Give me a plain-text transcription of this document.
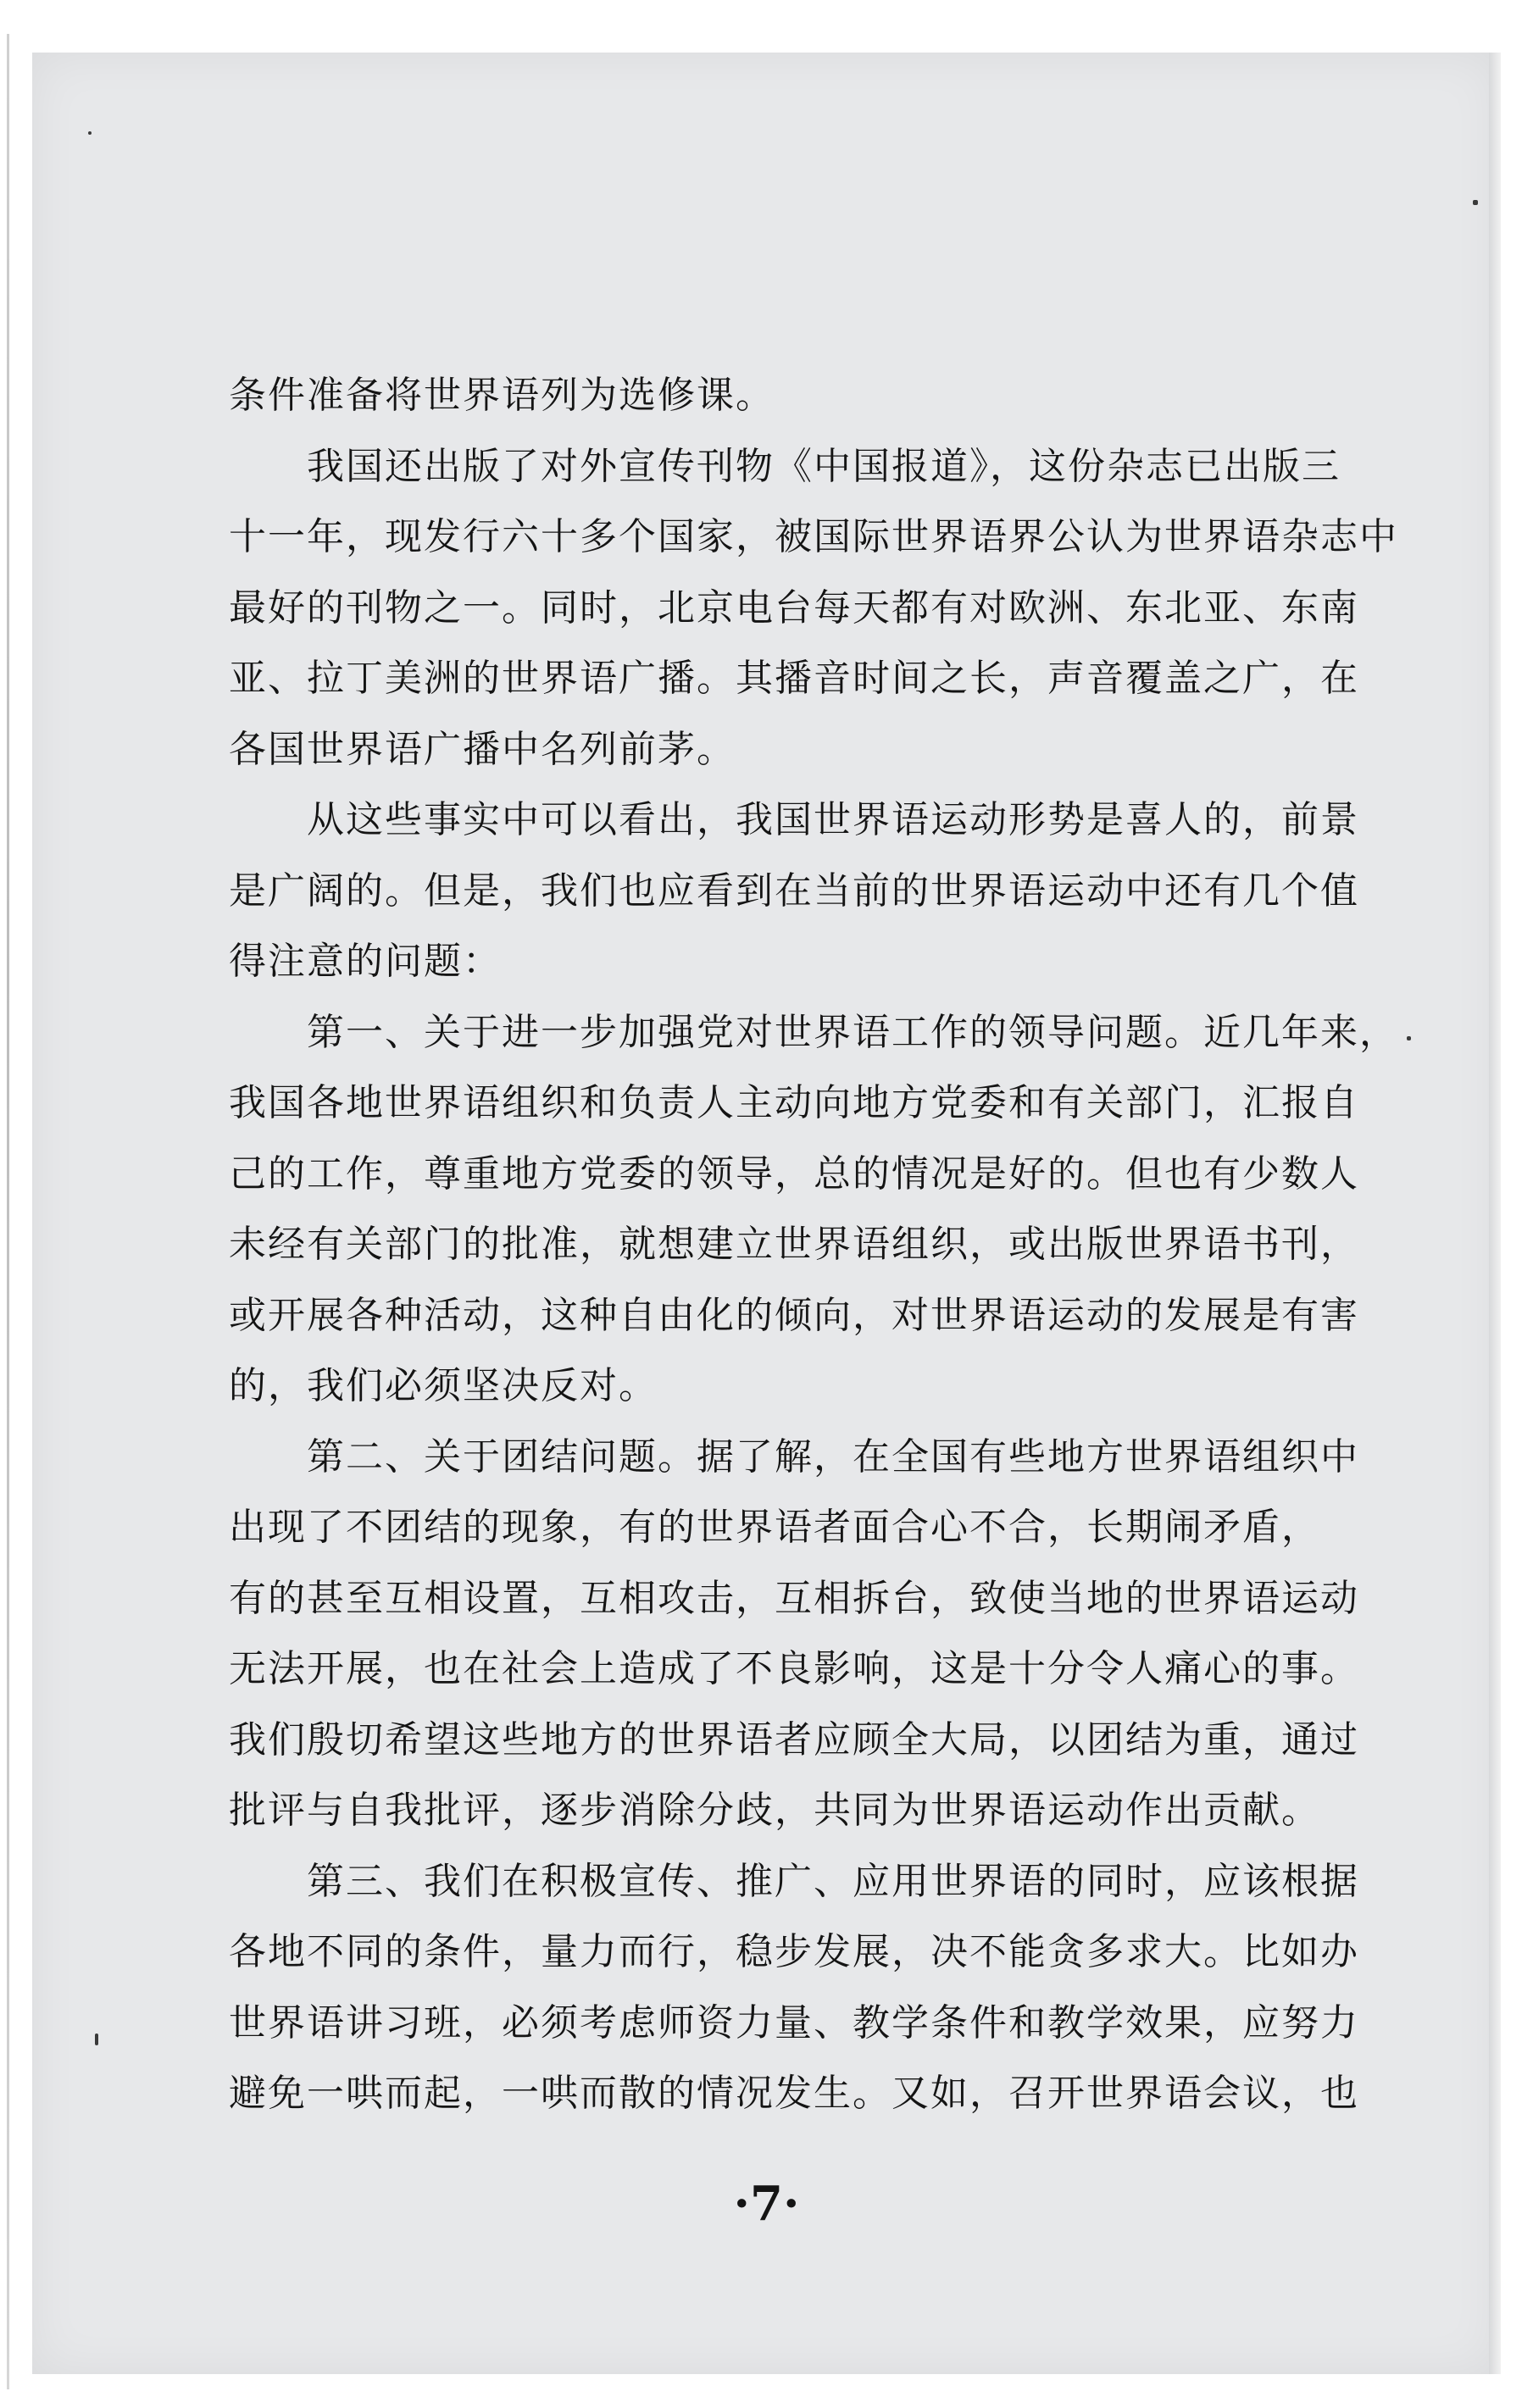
条件准备将世界语列为选修课。
我国还出版了对外宣传刊物《中国报道》，这份杂志已出版三
十一年，现发行六十多个国家，被国际世界语界公认为世界语杂志中
最好的刊物之一。同时，北京电台每天都有对欧洲、东北亚、东南
亚、拉丁美洲的世界语广播。其播音时间之长，声音覆盖之广，在
各国世界语广播中名列前茅。
从这些事实中可以看出，我国世界语运动形势是喜人的，前景
是广阔的。但是，我们也应看到在当前的世界语运动中还有几个值
得注意的问题：
第一、关于进一步加强党对世界语工作的领导问题。近几年来，
我国各地世界语组织和负责人主动向地方党委和有关部门，汇报自
己的工作，尊重地方党委的领导，总的情况是好的。但也有少数人
未经有关部门的批准，就想建立世界语组织，或出版世界语书刊，
或开展各种活动，这种自由化的倾向，对世界语运动的发展是有害
的，我们必须坚决反对。
第二、关于团结问题。据了解，在全国有些地方世界语组织中
出现了不团结的现象，有的世界语者面合心不合，长期闹矛盾，
有的甚至互相设置，互相攻击，互相拆台，致使当地的世界语运动
无法开展，也在社会上造成了不良影响，这是十分令人痛心的事。
我们殷切希望这些地方的世界语者应顾全大局，以团结为重，通过
批评与自我批评，逐步消除分歧，共同为世界语运动作出贡献。
第三、我们在积极宣传、推广、应用世界语的同时，应该根据
各地不同的条件，量力而行，稳步发展，决不能贪多求大。比如办
世界语讲习班，必须考虑师资力量、教学条件和教学效果，应努力
避免一哄而起，一哄而散的情况发生。又如，召开世界语会议，也
·7·
